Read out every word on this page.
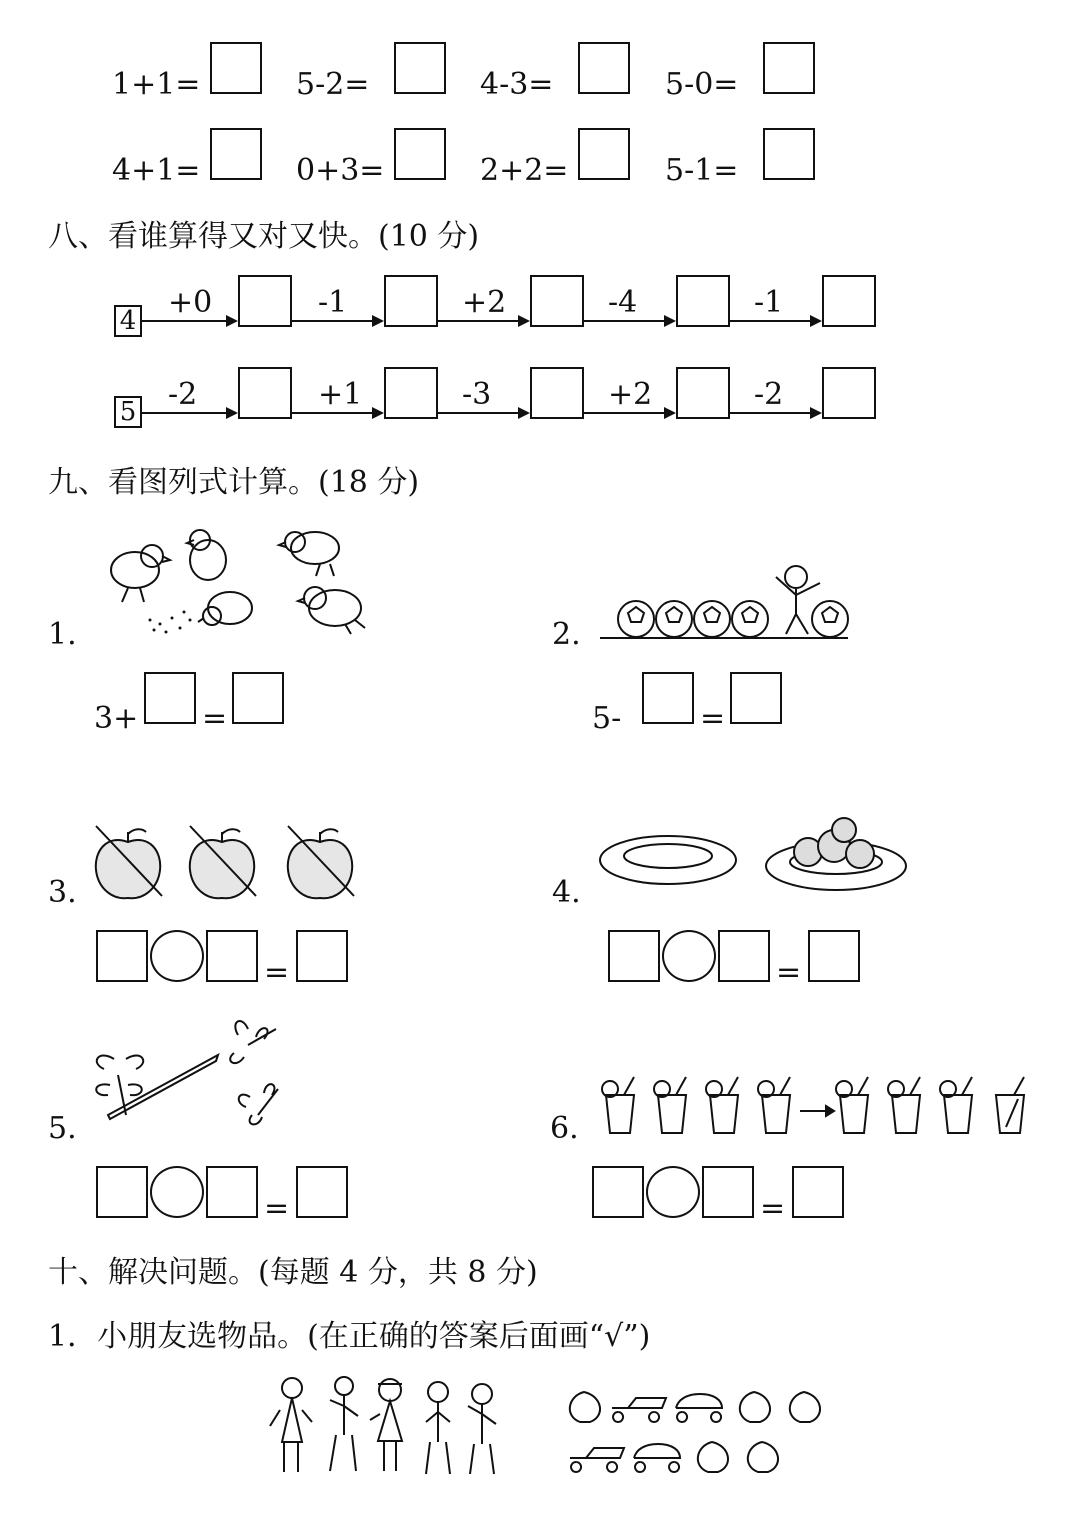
1+1=	5-2=	4-3=	5-0=
4+1=	0+3=	2+2=	5-1=
八、看谁算得又对又快。(10 分)
4
+0	-1	+2	-4	-1
5 -2	+1	-3	+2	-2
九、看图列式计算。(18 分)
1.
3+ =
2.
5-	=
3.
=
4.
=
5.
=
6.
=
十、解决问题。(每题 4 分，共 8 分)
1．小朋友选物品。(在正确的答案后面画“√”)
